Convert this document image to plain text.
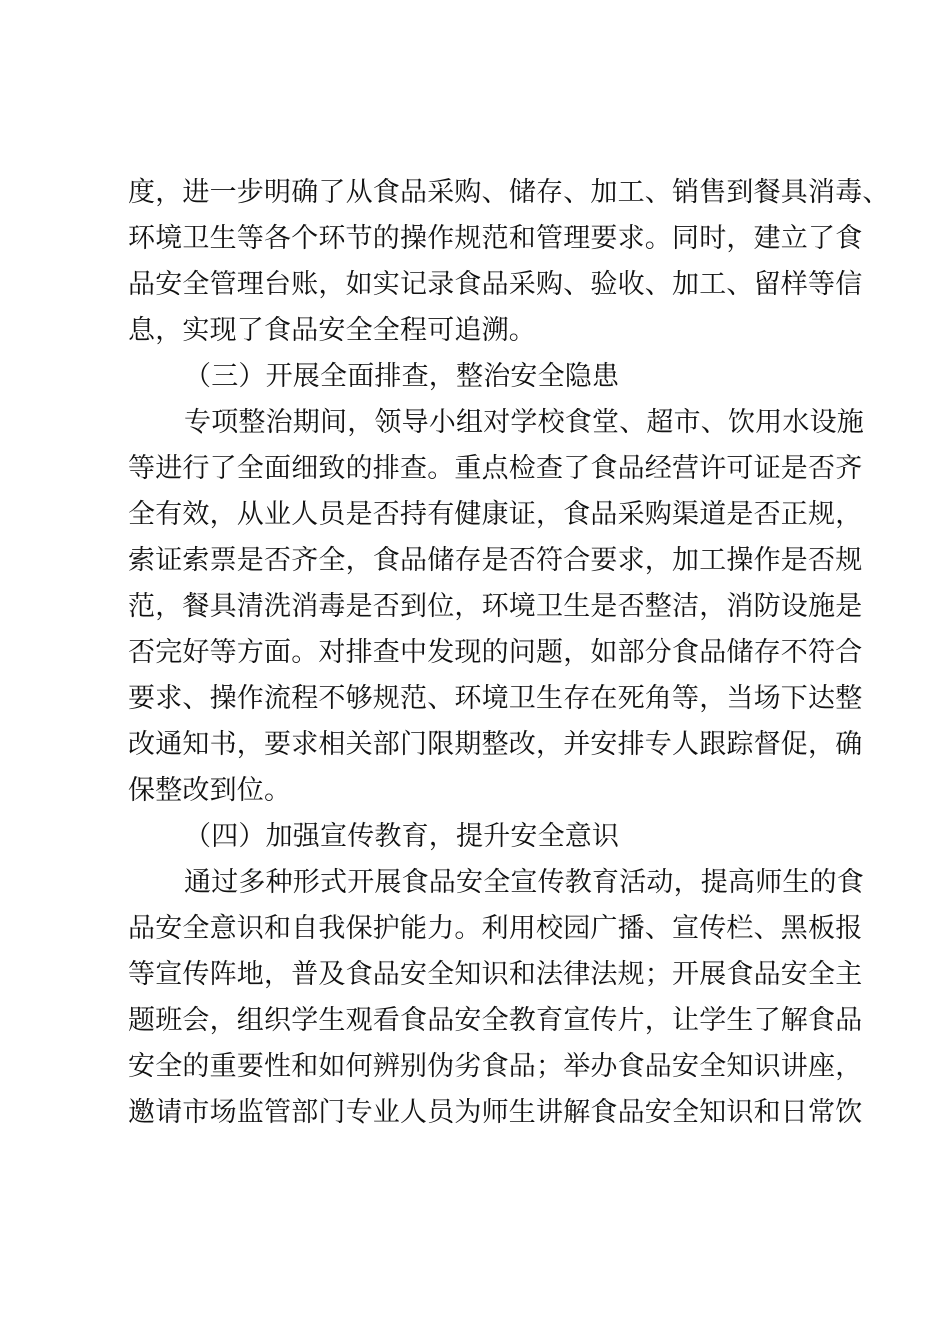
度，进一步明确了从食品采购、储存、加工、销售到餐具消毒、

环境卫生等各个环节的操作规范和管理要求。同时，建立了食

品安全管理台账，如实记录食品采购、验收、加工、留样等信

息，实现了食品安全全程可追溯。

（三）开展全面排查，整治安全隐患

专项整治期间，领导小组对学校食堂、超市、饮用水设施

等进行了全面细致的排查。重点检查了食品经营许可证是否齐

全有效，从业人员是否持有健康证，食品采购渠道是否正规，

索证索票是否齐全，食品储存是否符合要求，加工操作是否规

范，餐具清洗消毒是否到位，环境卫生是否整洁，消防设施是

否完好等方面。对排查中发现的问题，如部分食品储存不符合

要求、操作流程不够规范、环境卫生存在死角等，当场下达整

改通知书，要求相关部门限期整改，并安排专人跟踪督促，确

保整改到位。

（四）加强宣传教育，提升安全意识

通过多种形式开展食品安全宣传教育活动，提高师生的食

品安全意识和自我保护能力。利用校园广播、宣传栏、黑板报

等宣传阵地，普及食品安全知识和法律法规；开展食品安全主

题班会，组织学生观看食品安全教育宣传片，让学生了解食品

安全的重要性和如何辨别伪劣食品；举办食品安全知识讲座，

邀请市场监管部门专业人员为师生讲解食品安全知识和日常饮
